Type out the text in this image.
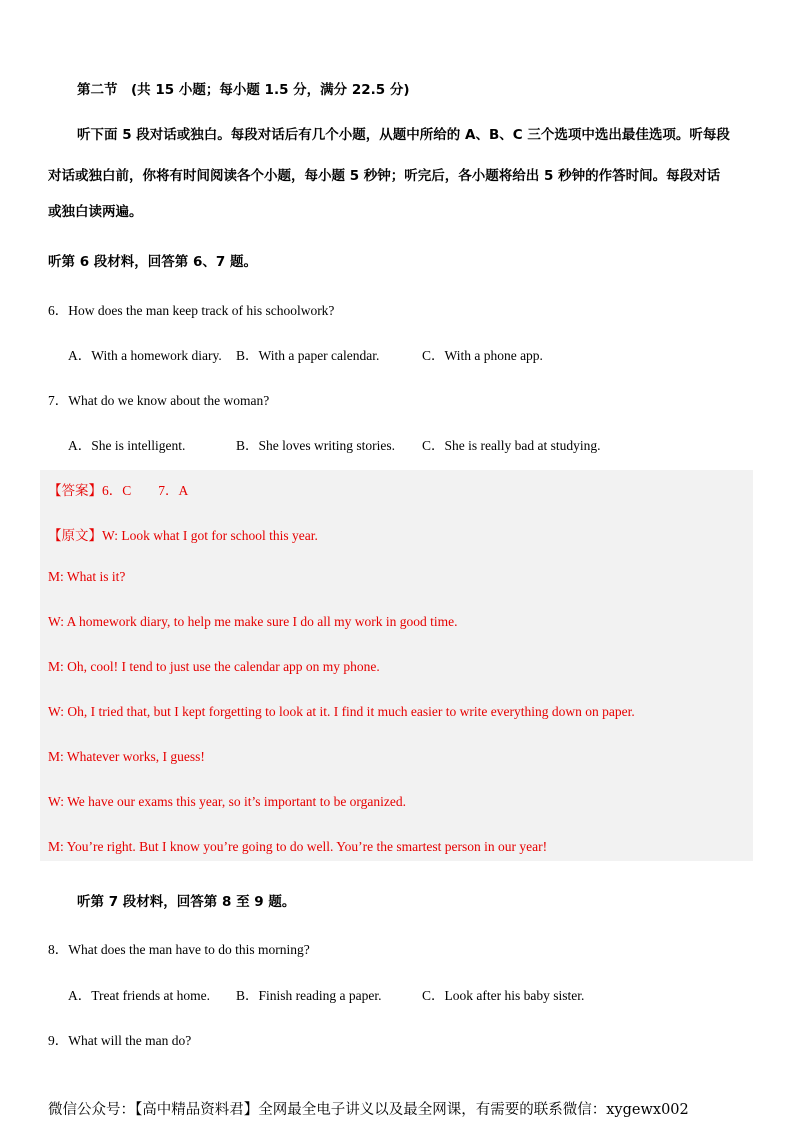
第二节　(共 15 小题；每小题 1.5 分，满分 22.5 分)
听下面 5 段对话或独白。每段对话后有几个小题，从题中所给的 A、B、C 三个选项中选出最佳选项。听每段
对话或独白前，你将有时间阅读各个小题，每小题 5 秒钟；听完后，各小题将给出 5 秒钟的作答时间。每段对话
或独白读两遍。
听第 6 段材料，回答第 6、7 题。
6．How does the man keep track of his schoolwork?
A．With a homework diary. B．With a paper calendar.	C．With a phone app.
7．What do we know about the woman?
A．She is intelligent.	B．She loves writing stories. C．She is really bad at studying.
【答案】6．C　　7．A
【原文】W: Look what I got for school this year.
M: What is it?
W: A homework diary, to help me make sure I do all my work in good time.
M: Oh, cool! I tend to just use the calendar app on my phone.
W: Oh, I tried that, but I kept forgetting to look at it. I find it much easier to write everything down on paper.
M: Whatever works, I guess!
W: We have our exams this year, so it’s important to be organized.
M: You’re right. But I know you’re going to do well. You’re the smartest person in our year!
听第 7 段材料，回答第 8 至 9 题。
8．What does the man have to do this morning?
A．Treat friends at home. B．Finish reading a paper.	C．Look after his baby sister.
9．What will the man do?
微信公众号：【高中精品资料君】全网最全电子讲义以及最全网课，有需要的联系微信：xygewx002
